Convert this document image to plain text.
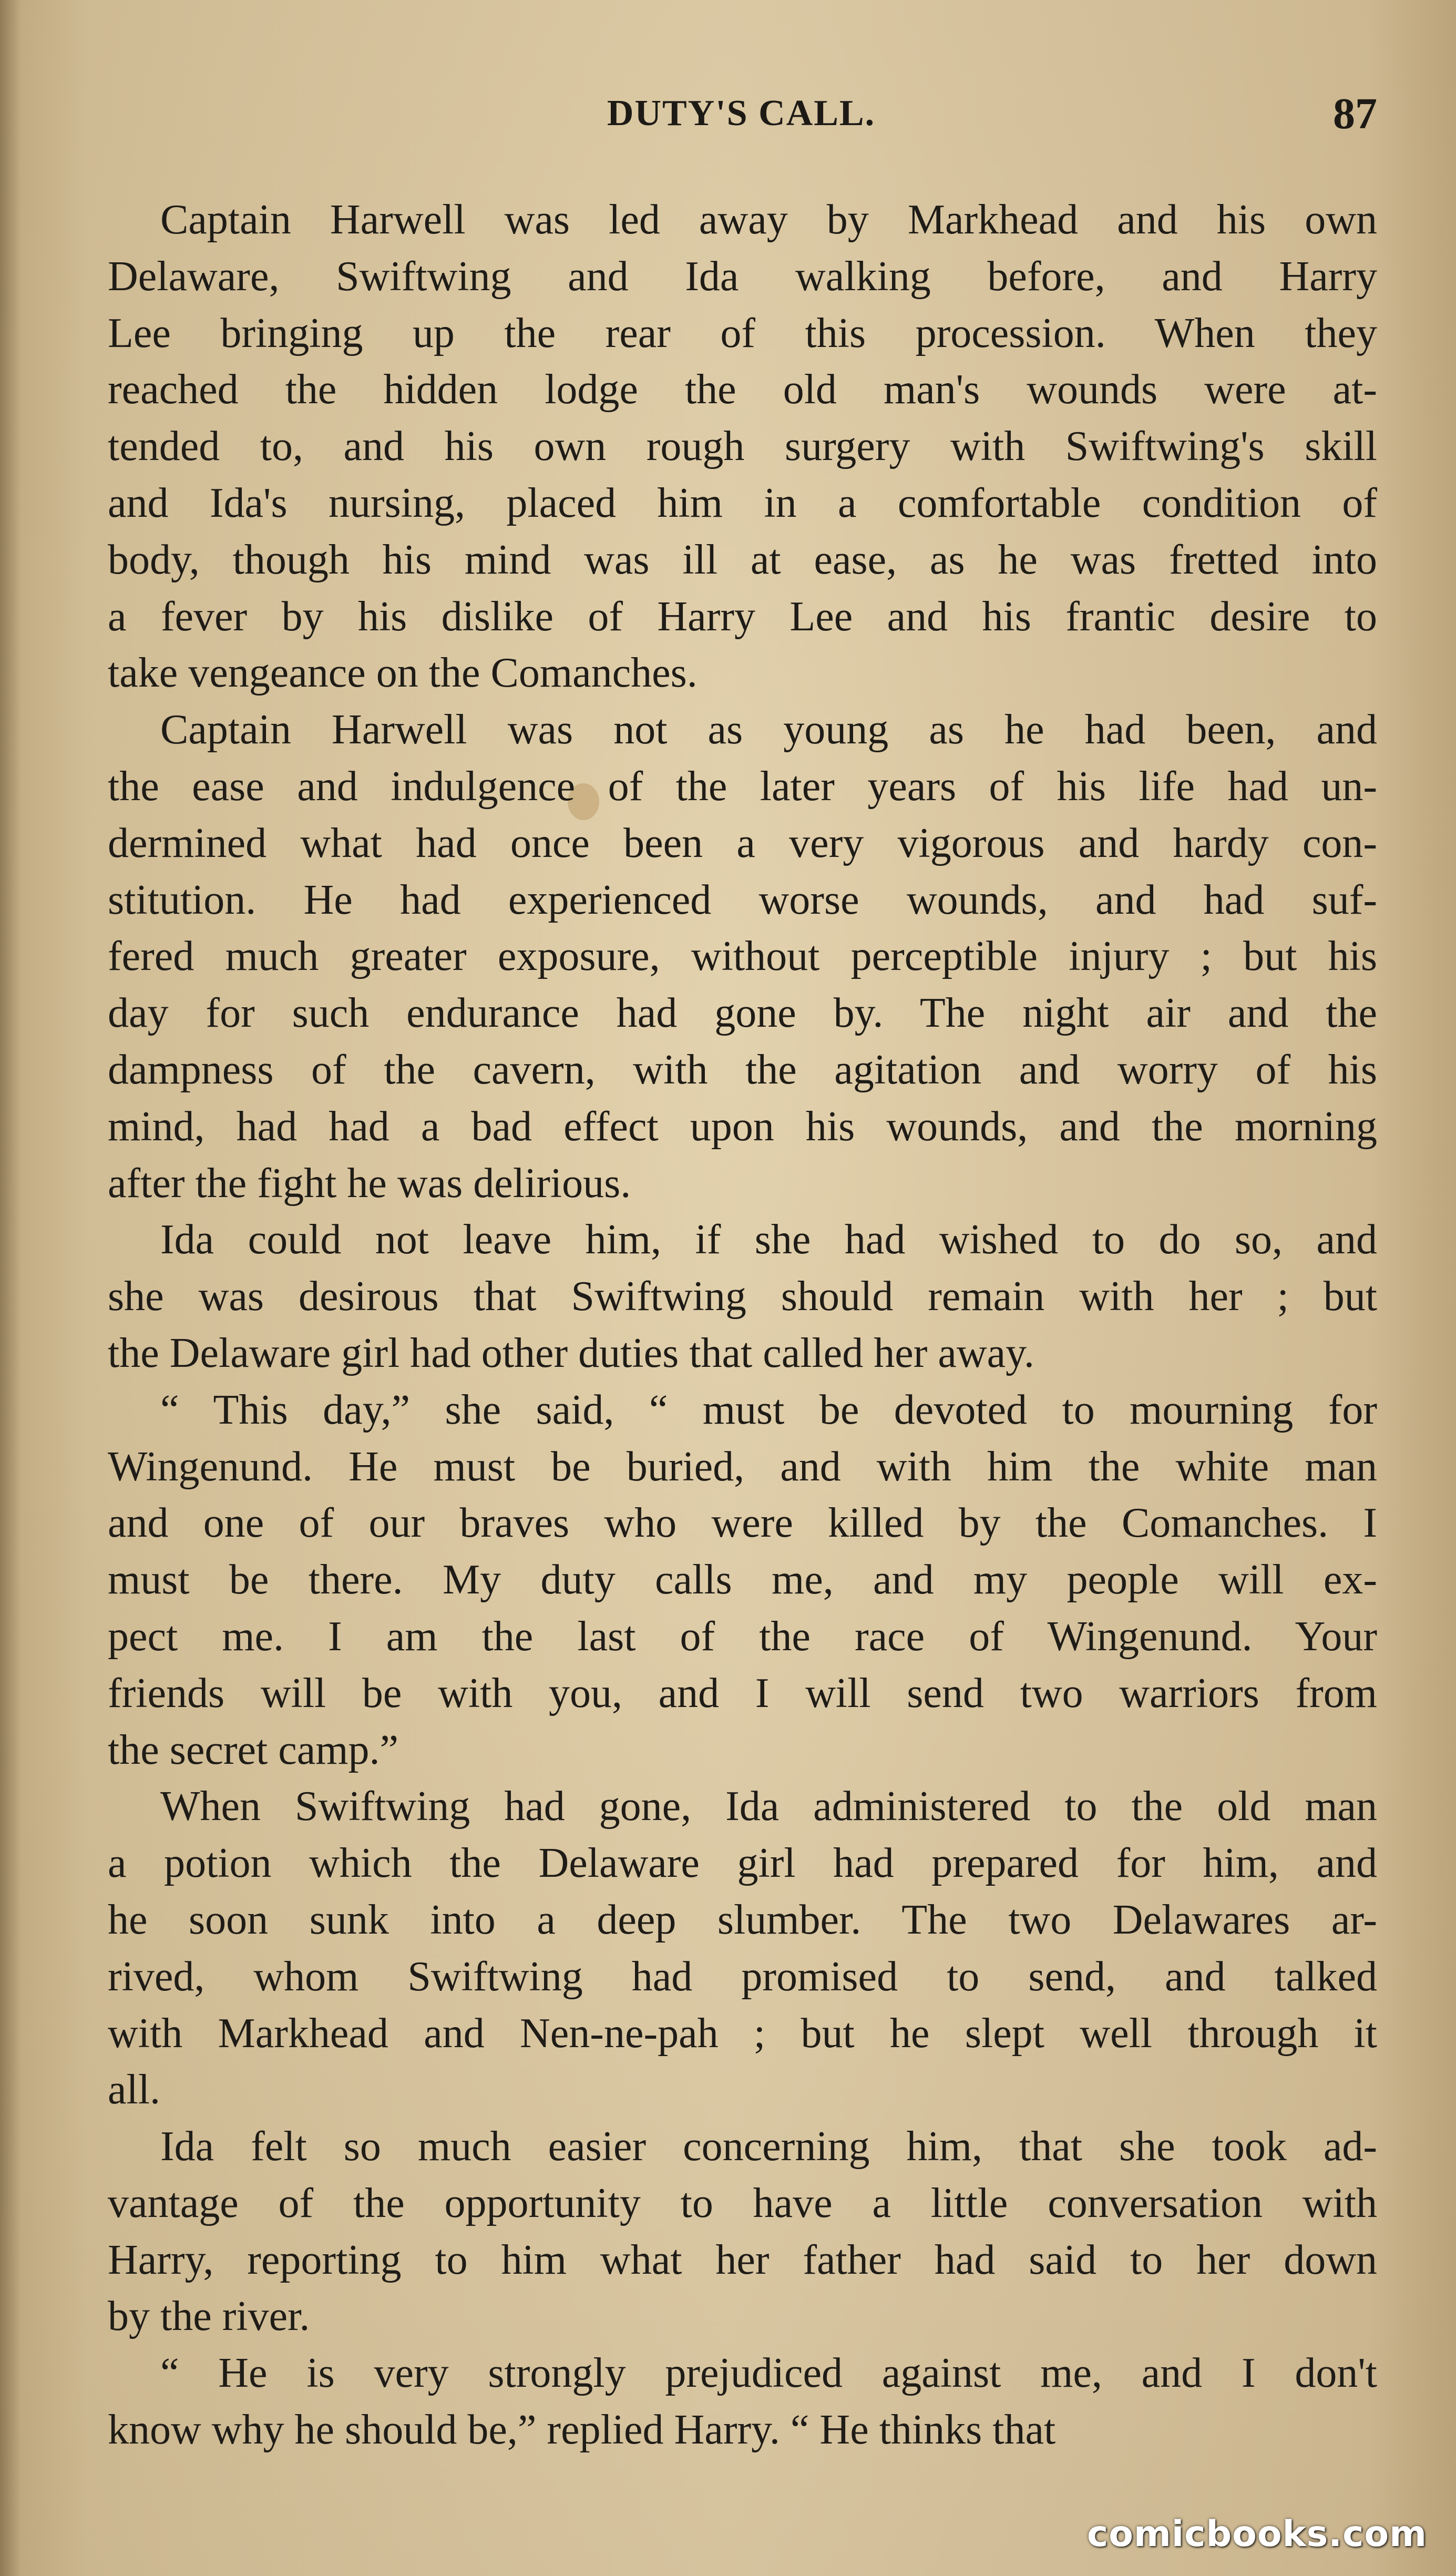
DUTY'S CALL.	87
Captain Harwell was led away by Markhead and his own
Delaware, Swiftwing and Ida walking before, and Harry
Lee bringing up the rear of this procession. When they
reached the hidden lodge the old man's wounds were at-
tended to, and his own rough surgery with Swiftwing's skill
and Ida's nursing, placed him in a comfortable condition of
body, though his mind was ill at ease, as he was fretted into
a fever by his dislike of Harry Lee and his frantic desire to
take vengeance on the Comanches.
Captain Harwell was not as young as he had been, and
the ease and indulgence of the later years of his life had un-
dermined what had once been a very vigorous and hardy con-
stitution. He had experienced worse wounds, and had suf-
fered much greater exposure, without perceptible injury ; but his
day for such endurance had gone by. The night air and the
dampness of the cavern, with the agitation and worry of his
mind, had had a bad effect upon his wounds, and the morning
after the fight he was delirious.
Ida could not leave him, if she had wished to do so, and
she was desirous that Swiftwing should remain with her ; but
the Delaware girl had other duties that called her away.
“ This day,” she said, “ must be devoted to mourning for
Wingenund. He must be buried, and with him the white man
and one of our braves who were killed by the Comanches. I
must be there. My duty calls me, and my people will ex-
pect me. I am the last of the race of Wingenund. Your
friends will be with you, and I will send two warriors from
the secret camp.”
When Swiftwing had gone, Ida administered to the old man
a potion which the Delaware girl had prepared for him, and
he soon sunk into a deep slumber. The two Delawares ar-
rived, whom Swiftwing had promised to send, and talked
with Markhead and Nen-ne-pah ; but he slept well through it
all.
Ida felt so much easier concerning him, that she took ad-
vantage of the opportunity to have a little conversation with
Harry, reporting to him what her father had said to her down
by the river.
“ He is very strongly prejudiced against me, and I don't
know why he should be,” replied Harry. “ He thinks that
comicbooks.com
